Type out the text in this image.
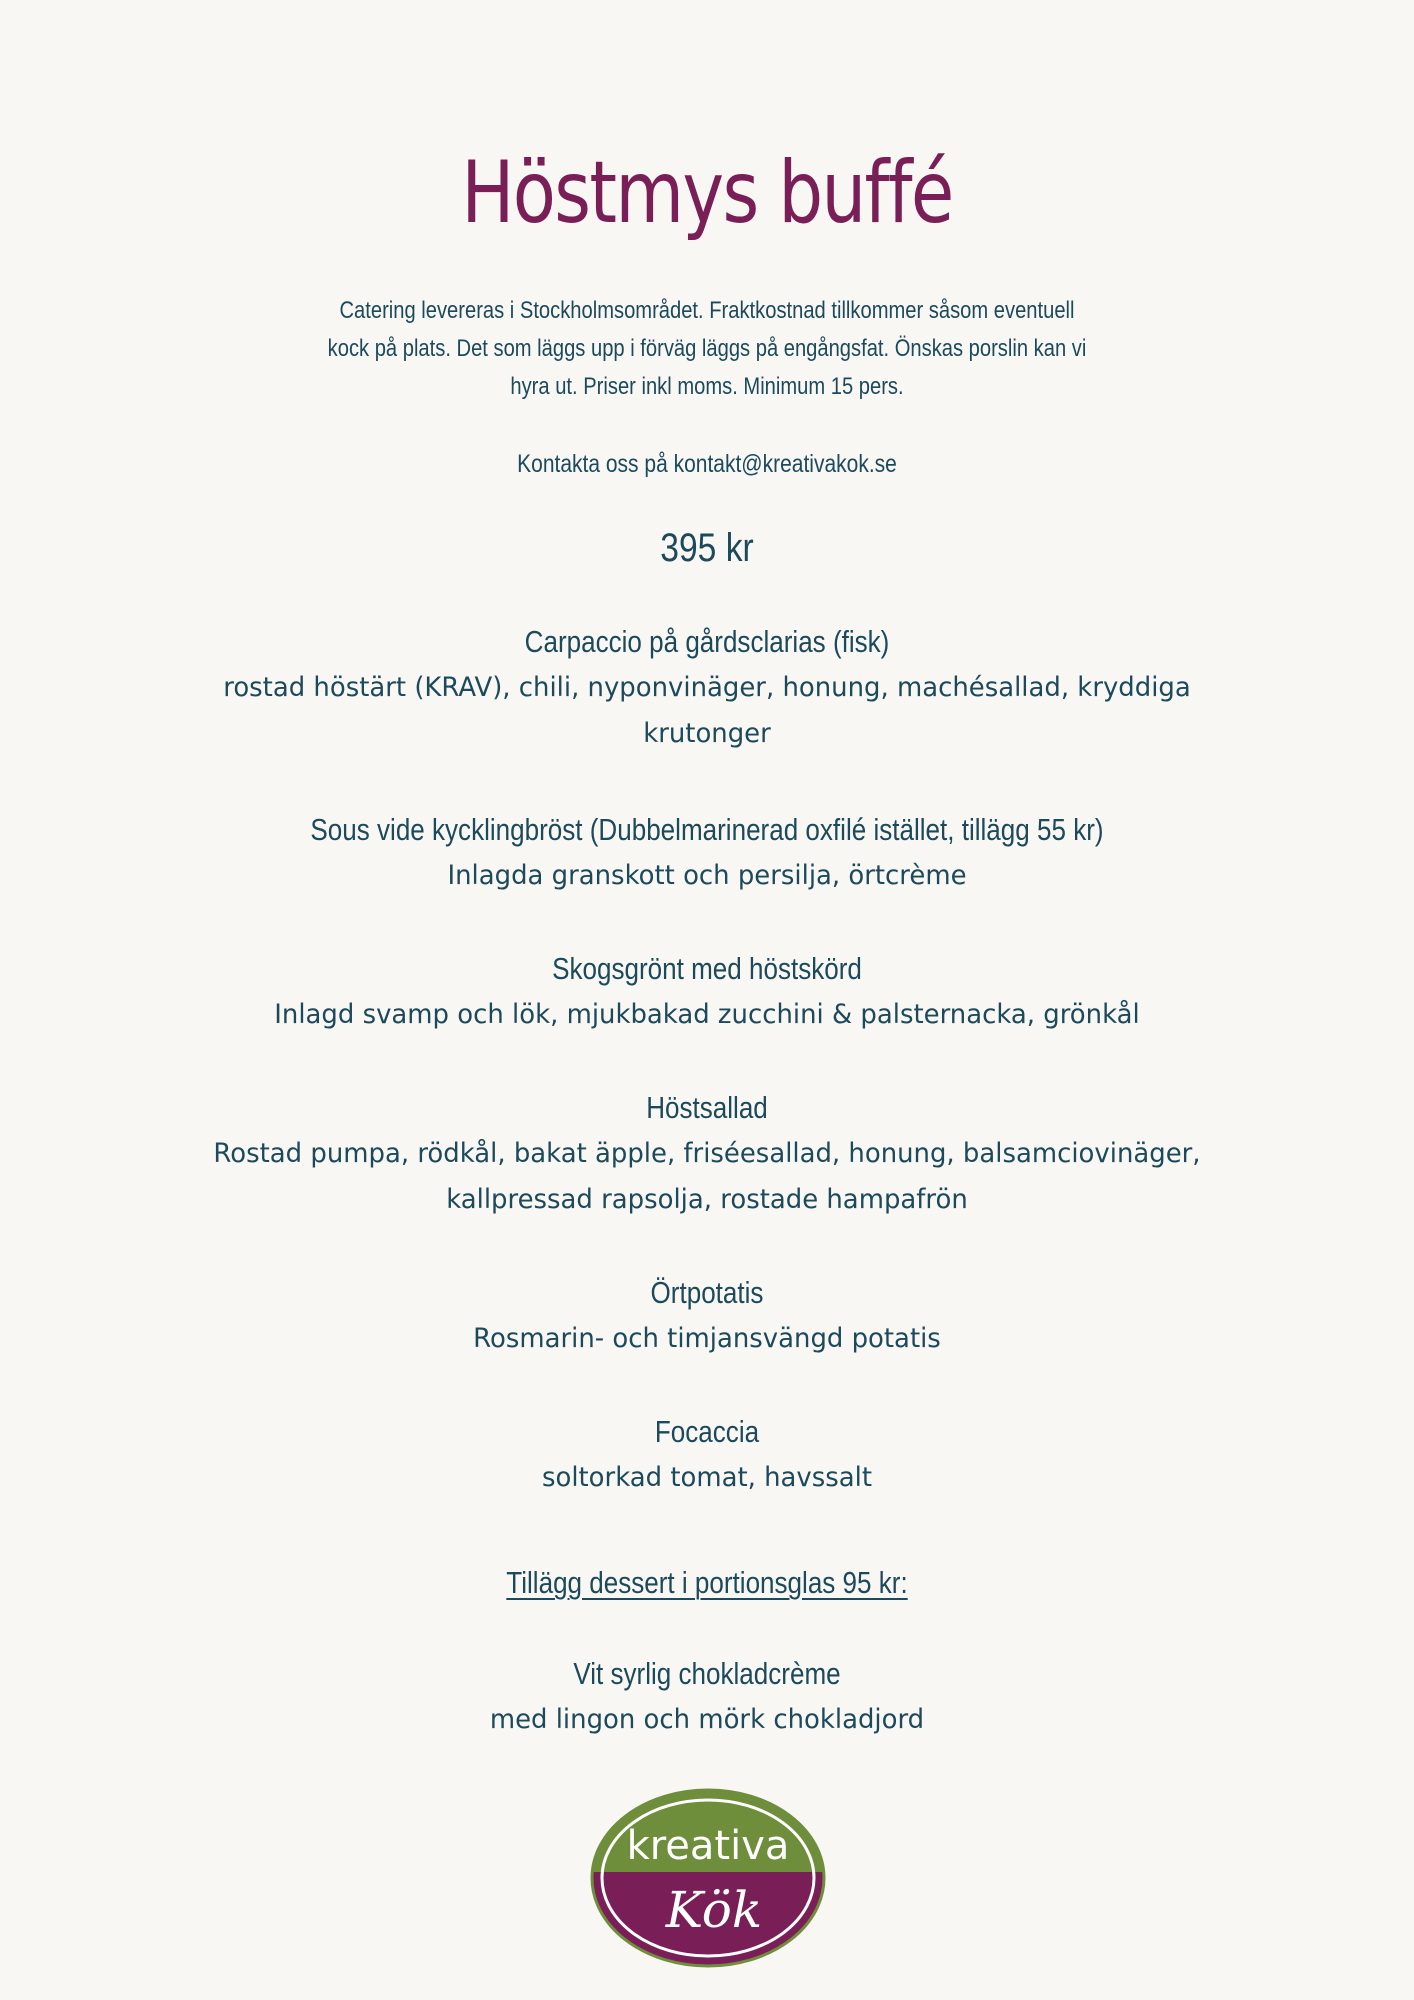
Höstmys buffé
Catering levereras i Stockholmsområdet. Fraktkostnad tillkommer såsom eventuell
kock på plats. Det som läggs upp i förväg läggs på engångsfat. Önskas porslin kan vi
hyra ut. Priser inkl moms. Minimum 15 pers.
Kontakta oss på kontakt@kreativakok.se
395 kr
Carpaccio på gårdsclarias (fisk)
rostad höstärt (KRAV), chili, nyponvinäger, honung, machésallad, kryddiga
krutonger
Sous vide kycklingbröst (Dubbelmarinerad oxfilé istället, tillägg 55 kr)
Inlagda granskott och persilja, örtcrème
Skogsgrönt med höstskörd
Inlagd svamp och lök, mjukbakad zucchini & palsternacka, grönkål
Höstsallad
Rostad pumpa, rödkål, bakat äpple, friséesallad, honung, balsamciovinäger,
kallpressad rapsolja, rostade hampafrön
Örtpotatis
Rosmarin- och timjansvängd potatis
Focaccia
soltorkad tomat, havssalt
Tillägg dessert i portionsglas 95 kr:
Vit syrlig chokladcrème
med lingon och mörk chokladjord
kreativa
Kök
